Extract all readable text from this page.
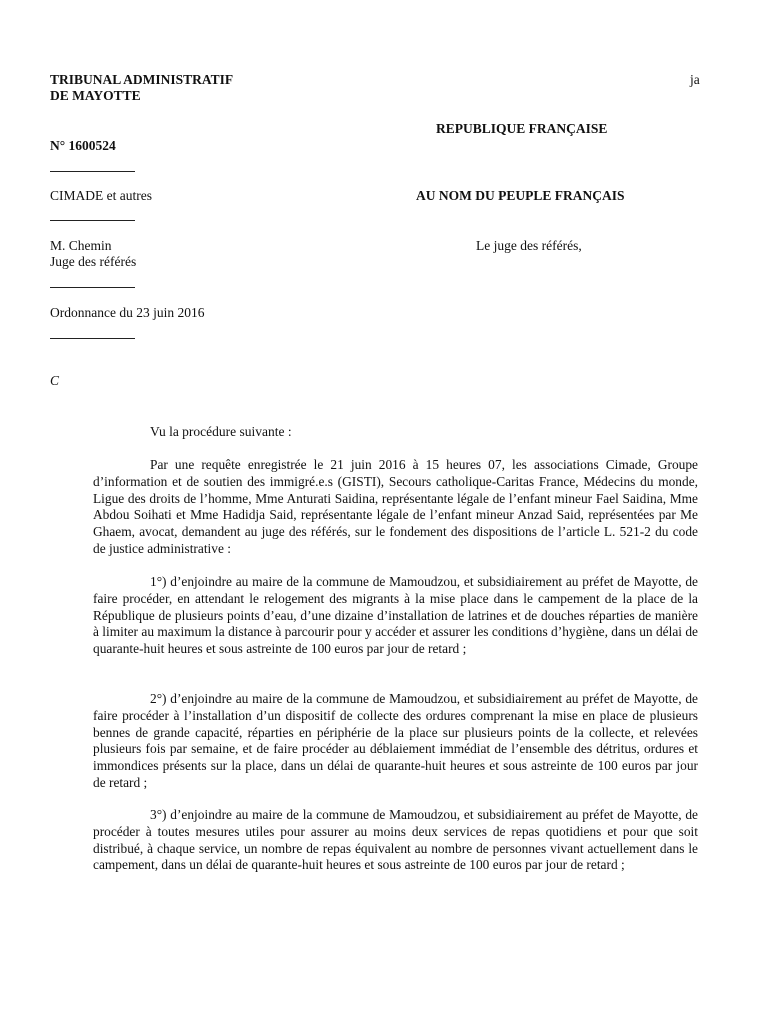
TRIBUNAL ADMINISTRATIF
DE MAYOTTE
ja
REPUBLIQUE FRANÇAISE
N° 1600524
CIMADE et autres	AU NOM DU PEUPLE FRANÇAIS
M. Chemin
Juge des référés
Le juge des référés,
Ordonnance du 23 juin 2016
C
Vu la procédure suivante :

Par une requête enregistrée le 21 juin 2016 à 15 heures 07, les associations Cimade, Groupe d’information et de soutien des immigré.e.s (GISTI), Secours catholique-Caritas France, Médecins du monde, Ligue des droits de l’homme, Mme Anturati Saidina, représentante légale de l’enfant mineur Fael Saidina, Mme Abdou Soihati et Mme Hadidja Said, représentante légale de l’enfant mineur Anzad Said, représentées par Me Ghaem, avocat, demandent au juge des référés, sur le fondement des dispositions de l’article L. 521-2 du code de justice administrative :

1°) d’enjoindre au maire de la commune de Mamoudzou, et subsidiairement au préfet de Mayotte, de faire procéder, en attendant le relogement des migrants à la mise place dans le campement de la place de la République de plusieurs points d’eau, d’une dizaine d’installation de latrines et de douches réparties de manière à limiter au maximum la distance à parcourir pour y accéder et assurer les conditions d’hygiène, dans un délai de quarante-huit heures et sous astreinte de 100 euros par jour de retard ;

2°) d’enjoindre au maire de la commune de Mamoudzou, et subsidiairement au préfet de Mayotte, de faire procéder à l’installation d’un dispositif de collecte des ordures comprenant la mise en place de plusieurs bennes de grande capacité, réparties en périphérie de la place sur plusieurs points de la collecte, et relevées plusieurs fois par semaine, et de faire procéder au déblaiement immédiat de l’ensemble des détritus, ordures et immondices présents sur la place, dans un délai de quarante-huit heures et sous astreinte de 100 euros par jour de retard ;

3°) d’enjoindre au maire de la commune de Mamoudzou, et subsidiairement au préfet de Mayotte, de procéder à toutes mesures utiles pour assurer au moins deux services de repas quotidiens et pour que soit distribué, à chaque service, un nombre de repas équivalent au nombre de personnes vivant actuellement dans le campement, dans un délai de quarante-huit heures et sous astreinte de 100 euros par jour de retard ;
